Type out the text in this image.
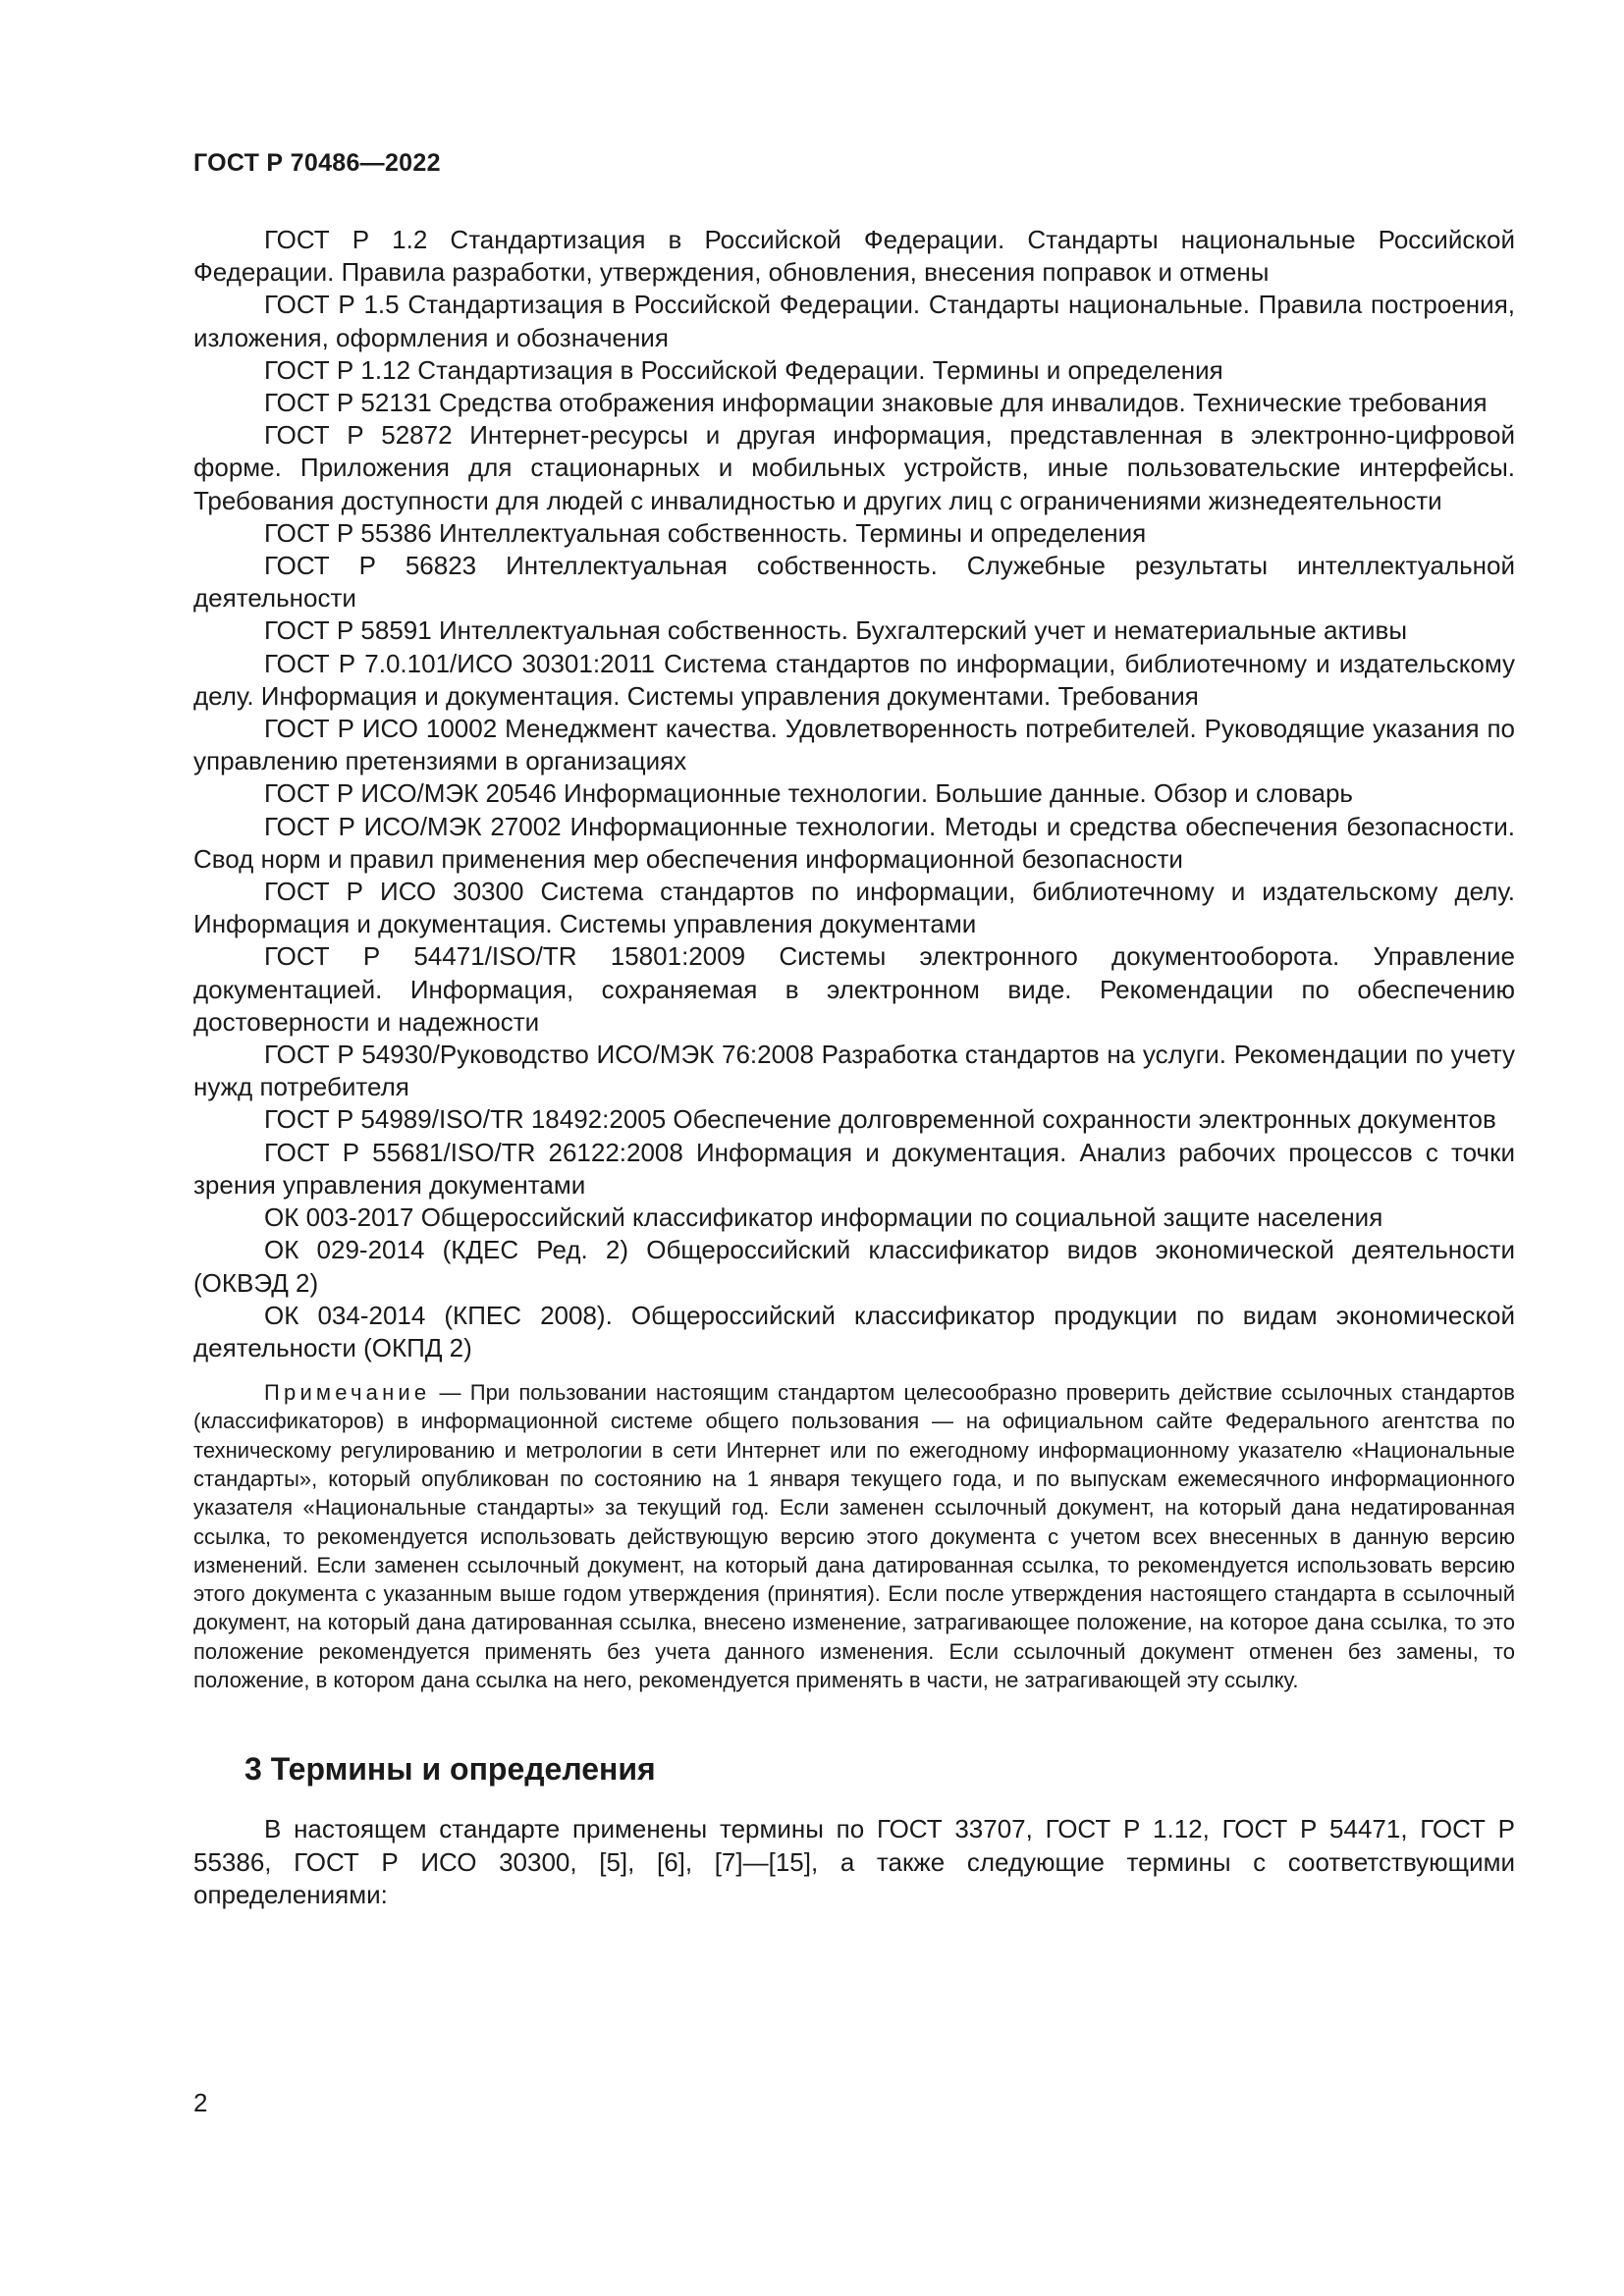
ГОСТ Р 70486—2022

ГОСТ Р 1.2 Стандартизация в Российской Федерации. Стандарты национальные Российской Федерации. Правила разработки, утверждения, обновления, внесения поправок и отмены

ГОСТ Р 1.5 Стандартизация в Российской Федерации. Стандарты национальные. Правила построения, изложения, оформления и обозначения

ГОСТ Р 1.12 Стандартизация в Российской Федерации. Термины и определения

ГОСТ Р 52131 Средства отображения информации знаковые для инвалидов. Технические требования

ГОСТ Р 52872 Интернет-ресурсы и другая информация, представленная в электронно-цифровой форме. Приложения для стационарных и мобильных устройств, иные пользовательские интерфейсы. Требования доступности для людей с инвалидностью и других лиц с ограничениями жизнедеятельности

ГОСТ Р 55386 Интеллектуальная собственность. Термины и определения

ГОСТ Р 56823 Интеллектуальная собственность. Служебные результаты интеллектуальной деятельности

ГОСТ Р 58591 Интеллектуальная собственность. Бухгалтерский учет и нематериальные активы

ГОСТ Р 7.0.101/ИСО 30301:2011 Система стандартов по информации, библиотечному и издательскому делу. Информация и документация. Системы управления документами. Требования

ГОСТ Р ИСО 10002 Менеджмент качества. Удовлетворенность потребителей. Руководящие указания по управлению претензиями в организациях

ГОСТ Р ИСО/МЭК 20546 Информационные технологии. Большие данные. Обзор и словарь

ГОСТ Р ИСО/МЭК 27002 Информационные технологии. Методы и средства обеспечения безопасности. Свод норм и правил применения мер обеспечения информационной безопасности

ГОСТ Р ИСО 30300 Система стандартов по информации, библиотечному и издательскому делу. Информация и документация. Системы управления документами

ГОСТ Р 54471/ISO/TR 15801:2009 Системы электронного документооборота. Управление документацией. Информация, сохраняемая в электронном виде. Рекомендации по обеспечению достоверности и надежности

ГОСТ Р 54930/Руководство ИСО/МЭК 76:2008 Разработка стандартов на услуги. Рекомендации по учету нужд потребителя

ГОСТ Р 54989/ISO/TR 18492:2005 Обеспечение долговременной сохранности электронных документов

ГОСТ Р 55681/ISO/TR 26122:2008 Информация и документация. Анализ рабочих процессов с точки зрения управления документами

ОК 003-2017 Общероссийский классификатор информации по социальной защите населения

ОК 029-2014 (КДЕС Ред. 2) Общероссийский классификатор видов экономической деятельности (ОКВЭД 2)

ОК 034-2014 (КПЕС 2008). Общероссийский классификатор продукции по видам экономической деятельности (ОКПД 2)

Примечание — При пользовании настоящим стандартом целесообразно проверить действие ссылочных стандартов (классификаторов) в информационной системе общего пользования — на официальном сайте Федерального агентства по техническому регулированию и метрологии в сети Интернет или по ежегодному информационному указателю «Национальные стандарты», который опубликован по состоянию на 1 января текущего года, и по выпускам ежемесячного информационного указателя «Национальные стандарты» за текущий год. Если заменен ссылочный документ, на который дана недатированная ссылка, то рекомендуется использовать действующую версию этого документа с учетом всех внесенных в данную версию изменений. Если заменен ссылочный документ, на который дана датированная ссылка, то рекомендуется использовать версию этого документа с указанным выше годом утверждения (принятия). Если после утверждения настоящего стандарта в ссылочный документ, на который дана датированная ссылка, внесено изменение, затрагивающее положение, на которое дана ссылка, то это положение рекомендуется применять без учета данного изменения. Если ссылочный документ отменен без замены, то положение, в котором дана ссылка на него, рекомендуется применять в части, не затрагивающей эту ссылку.

3 Термины и определения

В настоящем стандарте применены термины по ГОСТ 33707, ГОСТ Р 1.12, ГОСТ Р 54471, ГОСТ Р 55386, ГОСТ Р ИСО 30300, [5], [6], [7]—[15], а также следующие термины с соответствующими определениями:

2
